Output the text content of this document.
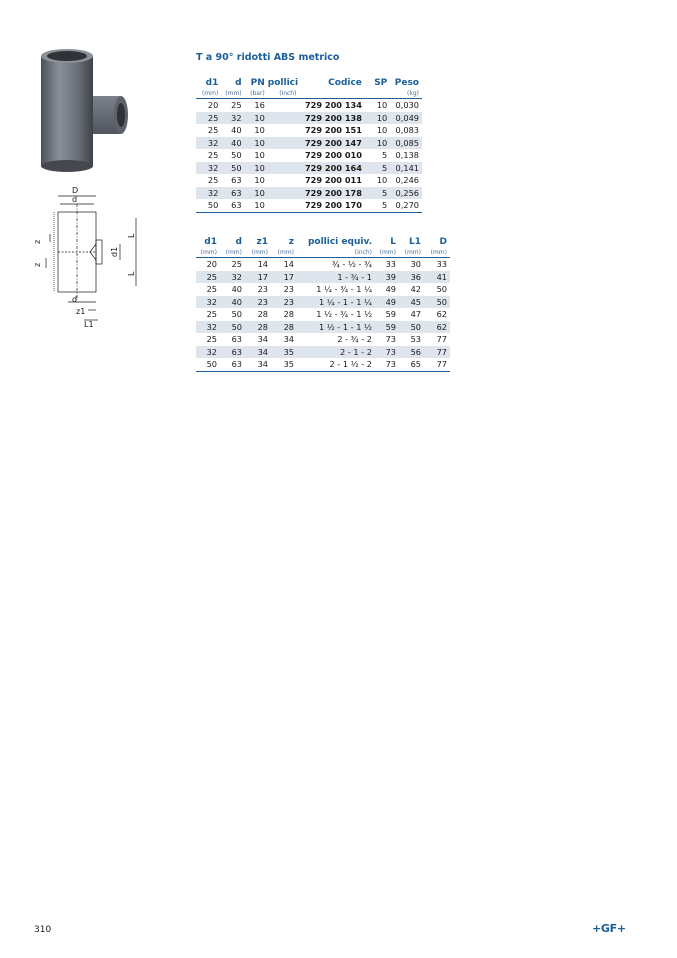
T a 90° ridotti ABS metrico
D
d
z
z
L
d1
L
d
z1
L1
d1	d	PN	pollici	Codice	SP	Peso
(mm)	(mm)	(bar)	(inch)			(kg)
20	25	16		729 200 134	10	0,030
25	32	10		729 200 138	10	0,049
25	40	10		729 200 151	10	0,083
32	40	10		729 200 147	10	0,085
25	50	10		729 200 010	5	0,138
32	50	10		729 200 164	5	0,141
25	63	10		729 200 011	10	0,246
32	63	10		729 200 178	5	0,256
50	63	10		729 200 170	5	0,270
d1	d	z1	z	pollici equiv.	L	L1	D
(mm)	(mm)	(mm)	(mm)	(inch)	(mm)	(mm)	(mm)
20	25	14	14	¾ - ½ - ¾	33	30	33
25	32	17	17	1 - ¾ - 1	39	36	41
25	40	23	23	1 ¼ - ¾ - 1 ¼	49	42	50
32	40	23	23	1 ¼ - 1 - 1 ¼	49	45	50
25	50	28	28	1 ½ - ¾ - 1 ½	59	47	62
32	50	28	28	1 ½ - 1 - 1 ½	59	50	62
25	63	34	34	2 - ¾ - 2	73	53	77
32	63	34	35	2 - 1 - 2	73	56	77
50	63	34	35	2 - 1 ½ - 2	73	65	77
310	+GF+
